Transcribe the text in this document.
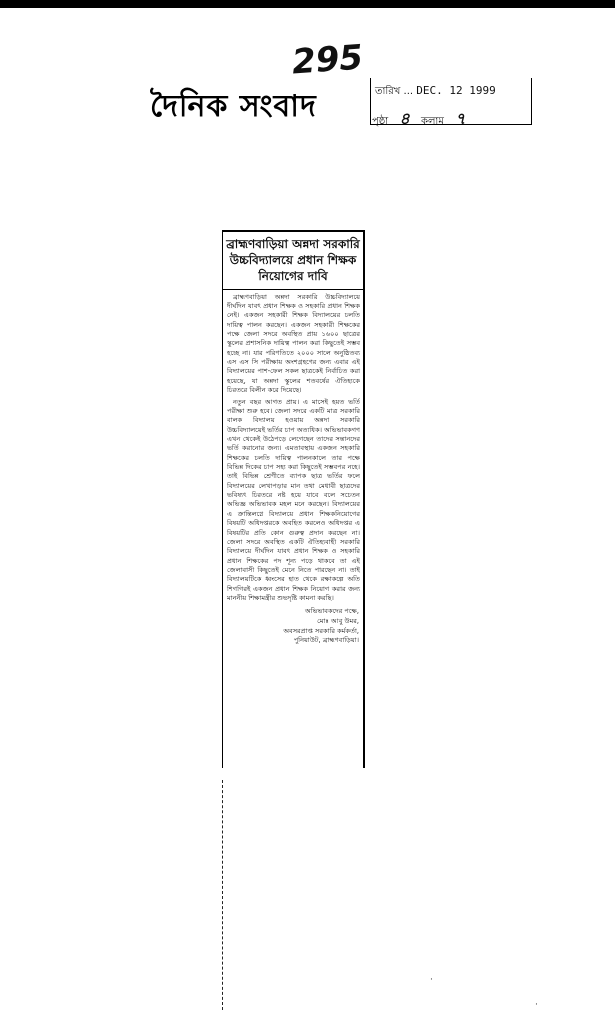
দৈনিক সংবাদ
295
তারিখ ... DEC. 12 1999
পৃষ্ঠা ৪ কলাম ৭
ব্রাহ্মণবাড়িয়া অন্নদা সরকারি উচ্চবিদ্যালয়ে প্রধান শিক্ষক নিয়োগের দাবি

ব্রাহ্মণবাড়িয়া অন্নদা সরকারি উচ্চবিদ্যালয়ে দীর্ঘদিন যাবৎ প্রধান শিক্ষক ও সহকারি প্রধান শিক্ষক নেই। একজন সহকারী শিক্ষক বিদ্যালয়ের চলতি দায়িত্ব পালন করছেন। একজন সহকারী শিক্ষকের পক্ষে জেলা সদরে অবস্থিত প্রায় ১৬০০ ছাত্রের স্কুলের প্রশাসনিক দায়িত্ব পালন করা কিছুতেই সম্ভব হচ্ছে না। যার পরিণতিতে ২০০০ সালে অনুষ্ঠিতব্য এস এস সি পরীক্ষায় অংশগ্রহণের জন্য এবার এই বিদ্যালয়ের পাশ-ফেল সকল ছাত্রকেই নির্বাচিত করা হয়েছে, যা অন্নদা স্কুলের শতবর্ষের ঐতিহ্যকে চিরতরে বিলীন করে দিয়েছে।

নতুন বছর আগত প্রায়। এ মাসেই হয়ত ভর্তি পরীক্ষা শুরু হবে। জেলা সদরে একটি মাত্র সরকারি বালক বিদ্যালয় হওয়ায় অন্নদা সরকারি উচ্চবিদ্যালয়েই ভর্তির চাপ অত্যধিক। অভিভাবকগণ এখন থেকেই উঠেপড়ে লেগেছেন তাদের সন্তানদের ভর্তি করানোর জন্য। এমতাবস্থায় একজন সহকারি শিক্ষকের চলতি দায়িত্ব পালনকালে তার পক্ষে বিভিন্ন দিকের চাপ সহ্য করা কিছুতেই সম্ভবপর নহে। তাই বিভিন্ন শ্রেণীতে ব্যাপক ছাত্র ভর্তির ফলে বিদ্যালয়ের লেখাপড়ার মান তথা মেধাবী ছাত্রদের ভবিষ্যৎ চিরতরে নষ্ট হয়ে যাবে বলে সচেতন অভিজ্ঞ অভিভাবক মহল মনে করছেন। বিদ্যালয়ের এ ক্রান্তিলগ্নে বিদ্যালয়ে প্রধান শিক্ষকনিয়োগের বিষয়টি অধিদপ্তরকে অবহিত করলেও অধিদপ্তর এ বিষয়টির প্রতি কোন গুরুত্ব প্রদান করছেন না। জেলা সদরে অবস্থিত একটি ঐতিহ্যবাহী সরকারি বিদ্যালয়ে দীর্ঘদিন যাবৎ প্রধান শিক্ষক ও সহকারি প্রধান শিক্ষকের পদ শূন্য পড়ে থাকবে তা এই জেলাবাসী কিছুতেই মেনে নিতে পারছেন না। তাই বিদ্যালয়টিকে ধ্বংসের হাত থেকে রক্ষাকল্পে অতি শিগগিরই একজন প্রধান শিক্ষক নিয়োগ করার জন্য মাননীয় শিক্ষামন্ত্রীর শুভদৃষ্টি কামনা করছি।

অভিভাবকদের পক্ষে,
মোঃ আবু উমর,
অবসরপ্রাপ্ত সরকারি কর্মকর্তা,
পুনিয়াউট, ব্রাহ্মণবাড়িয়া।
·
·
